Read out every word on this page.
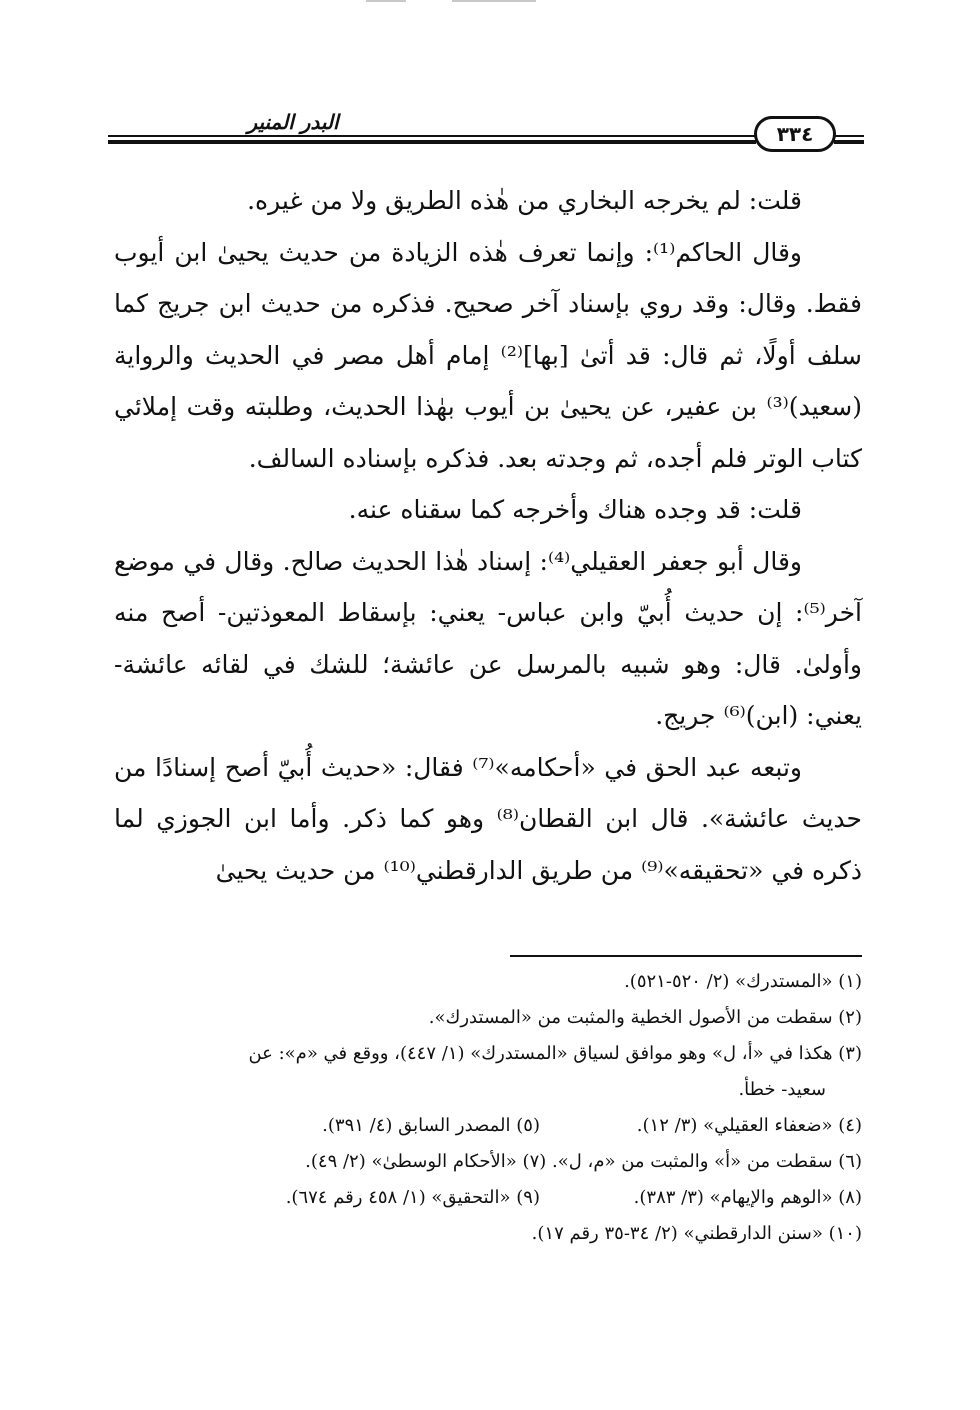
البدر المنير	٣٣٤

قلت: لم يخرجه البخاري من هٰذه الطريق ولا من غيره.

وقال الحاكم⁽¹⁾: وإنما تعرف هٰذه الزيادة من حديث يحيىٰ ابن أيوب فقط. وقال: وقد روي بإسناد آخر صحيح. فذكره من حديث ابن جريج كما سلف أولًا، ثم قال: قد أتىٰ [بها]⁽²⁾ إمام أهل مصر في الحديث والرواية (سعيد)⁽³⁾ بن عفير، عن يحيىٰ بن أيوب بهٰذا الحديث، وطلبته وقت إملائي كتاب الوتر فلم أجده، ثم وجدته بعد. فذكره بإسناده السالف.

قلت: قد وجده هناك وأخرجه كما سقناه عنه.

وقال أبو جعفر العقيلي⁽⁴⁾: إسناد هٰذا الحديث صالح. وقال في موضع آخر⁽⁵⁾: إن حديث أُبيّ وابن عباس- يعني: بإسقاط المعوذتين- أصح منه وأولىٰ. قال: وهو شبيه بالمرسل عن عائشة؛ للشك في لقائه عائشة- يعني: (ابن)⁽⁶⁾ جريج.

وتبعه عبد الحق في «أحكامه»⁽⁷⁾ فقال: «حديث أُبيّ أصح إسنادًا من حديث عائشة». قال ابن القطان⁽⁸⁾ وهو كما ذكر. وأما ابن الجوزي لما ذكره في «تحقيقه»⁽⁹⁾ من طريق الدارقطني⁽¹⁰⁾ من حديث يحيىٰ

(١) «المستدرك» (٢/ ٥٢٠-٥٢١).

(٢) سقطت من الأصول الخطية والمثبت من «المستدرك».

(٣) هكذا في «أ، ل» وهو موافق لسياق «المستدرك» (١/ ٤٤٧)، ووقع في «م»: عن

سعيد- خطأ.

(٤) «ضعفاء العقيلي» (٣/ ١٢).
(٥) المصدر السابق (٤/ ٣٩١).

(٦) سقطت من «أ» والمثبت من «م، ل». (٧) «الأحكام الوسطىٰ» (٢/ ٤٩).

(٨) «الوهم والإيهام» (٣/ ٣٨٣).
(٩) «التحقيق» (١/ ٤٥٨ رقم ٦٧٤).

(١٠) «سنن الدارقطني» (٢/ ٣٤-٣٥ رقم ١٧).
